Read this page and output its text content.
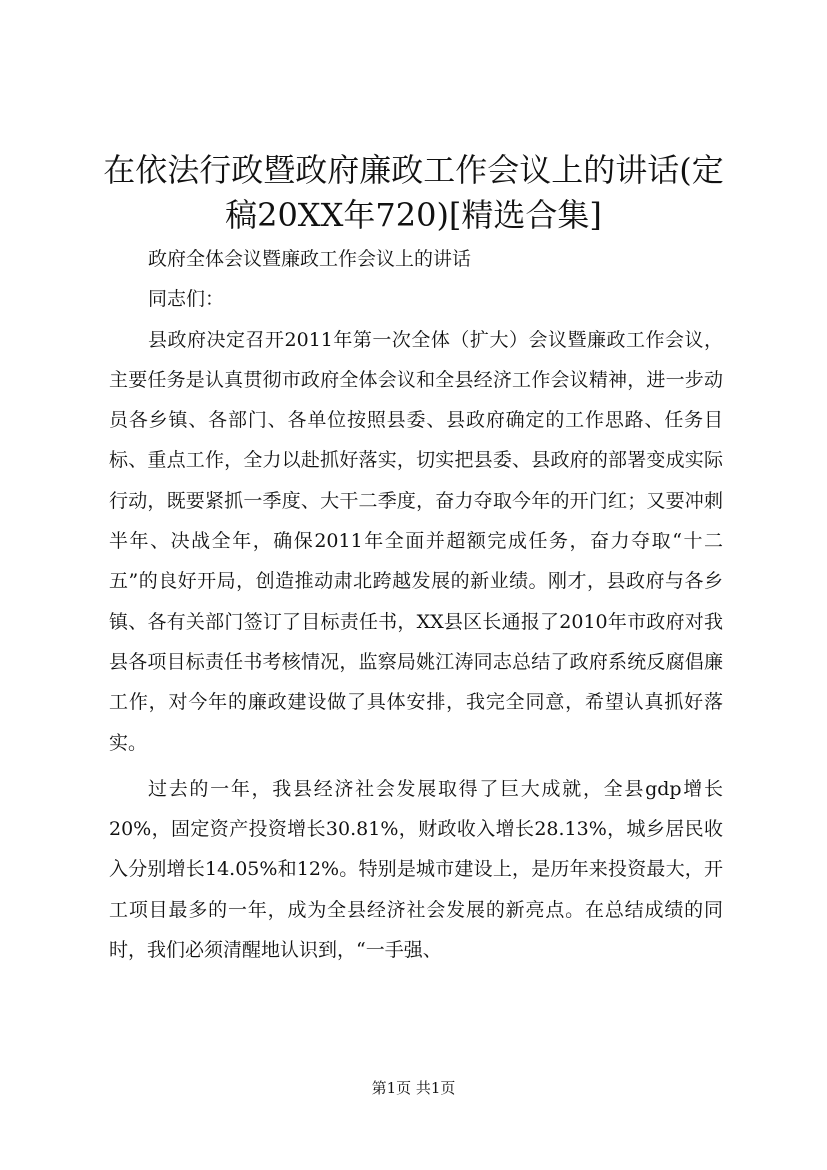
在依法行政暨政府廉政工作会议上的讲话(定
稿20XX年720)[精选合集]

政府全体会议暨廉政工作会议上的讲话

同志们：

县政府决定召开2011年第一次全体（扩大）会议暨廉政工作会议，主要任务是认真贯彻市政府全体会议和全县经济工作会议精神，进一步动员各乡镇、各部门、各单位按照县委、县政府确定的工作思路、任务目标、重点工作，全力以赴抓好落实，切实把县委、县政府的部署变成实际行动，既要紧抓一季度、大干二季度，奋力夺取今年的开门红；又要冲刺半年、决战全年，确保2011年全面并超额完成任务，奋力夺取“十二五”的良好开局，创造推动肃北跨越发展的新业绩。刚才，县政府与各乡镇、各有关部门签订了目标责任书，XX县区长通报了2010年市政府对我县各项目标责任书考核情况，监察局姚江涛同志总结了政府系统反腐倡廉工作，对今年的廉政建设做了具体安排，我完全同意，希望认真抓好落实。

过去的一年，我县经济社会发展取得了巨大成就，全县gdp增长20%，固定资产投资增长30.81%，财政收入增长28.13%，城乡居民收入分别增长14.05%和12%。特别是城市建设上，是历年来投资最大，开工项目最多的一年，成为全县经济社会发展的新亮点。在总结成绩的同时，我们必须清醒地认识到，“一手强、

第1页 共1页
